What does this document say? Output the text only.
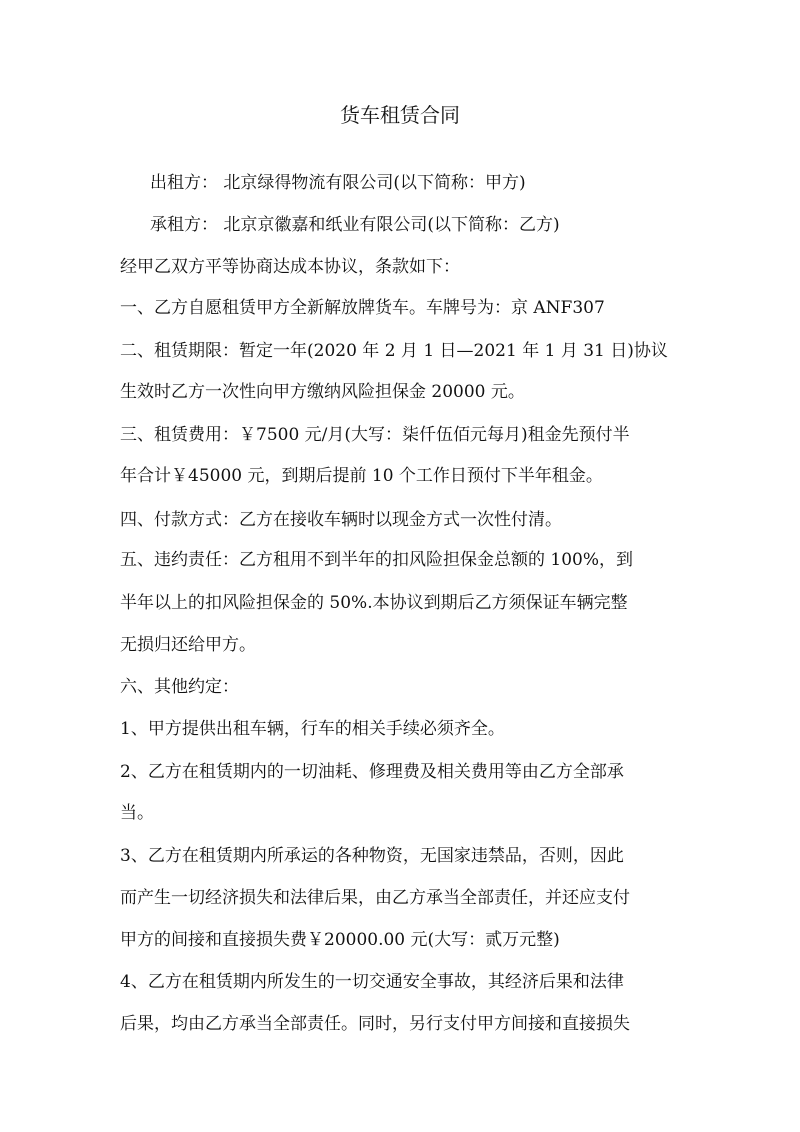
货车租赁合同
出租方： 北京绿得物流有限公司(以下简称：甲方)
承租方： 北京京徽嘉和纸业有限公司(以下简称：乙方)
经甲乙双方平等协商达成本协议，条款如下：
一、乙方自愿租赁甲方全新解放牌货车。车牌号为：京 ANF307
二、租赁期限：暂定一年(2020 年 2 月 1 日—2021 年 1 月 31 日)协议
生效时乙方一次性向甲方缴纳风险担保金 20000 元。
三、租赁费用：￥7500 元/月(大写：柒仟伍佰元每月)租金先预付半
年合计￥45000 元，到期后提前 10 个工作日预付下半年租金。
四、付款方式：乙方在接收车辆时以现金方式一次性付清。
五、违约责任：乙方租用不到半年的扣风险担保金总额的 100%，到
半年以上的扣风险担保金的 50%.本协议到期后乙方须保证车辆完整
无损归还给甲方。
六、其他约定：
1、甲方提供出租车辆，行车的相关手续必须齐全。
2、乙方在租赁期内的一切油耗、修理费及相关费用等由乙方全部承
当。
3、乙方在租赁期内所承运的各种物资，无国家违禁品，否则，因此
而产生一切经济损失和法律后果，由乙方承当全部责任，并还应支付
甲方的间接和直接损失费￥20000.00 元(大写：贰万元整)
4、乙方在租赁期内所发生的一切交通安全事故，其经济后果和法律
后果，均由乙方承当全部责任。同时，另行支付甲方间接和直接损失
